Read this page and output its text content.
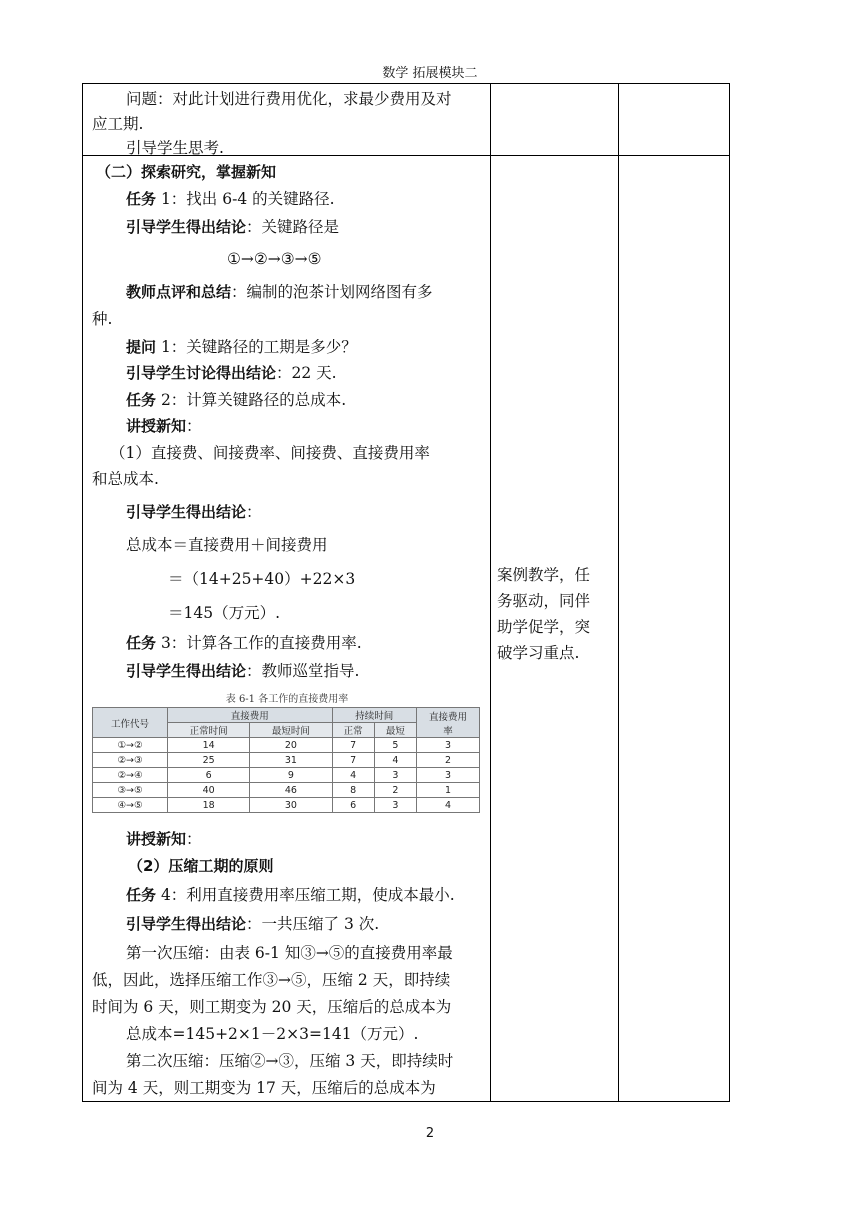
数学 拓展模块二
问题：对此计划进行费用优化，求最少费用及对
应工期.
引导学生思考.
（二）探索研究，掌握新知
任务 1：找出 6-4 的关键路径.
引导学生得出结论：关键路径是
①→②→③→⑤
教师点评和总结：编制的泡茶计划网络图有多
种.
提问 1：关键路径的工期是多少？
引导学生讨论得出结论：22 天.
任务 2：计算关键路径的总成本.
讲授新知：
（1）直接费、间接费率、间接费、直接费用率
和总成本.
引导学生得出结论：
总成本＝直接费用＋间接费用
＝（14+25+40）+22×3
＝145（万元）.
任务 3：计算各工作的直接费用率.
引导学生得出结论：教师巡堂指导.
表 6-1 各工作的直接费用率
工作代号	直接费用		持续时间		直接费用
率
	正常时间	最短时间	正常	最短	
①→②	14	20	7	5	3
②→③	25	31	7	4	2
②→④	6	9	4	3	3
③→⑤	40	46	8	2	1
④→⑤	18	30	6	3	4
讲授新知：
（2）压缩工期的原则
任务 4：利用直接费用率压缩工期，使成本最小.
引导学生得出结论：一共压缩了 3 次.
第一次压缩：由表 6-1 知③→⑤的直接费用率最
低，因此，选择压缩工作③→⑤，压缩 2 天，即持续
时间为 6 天，则工期变为 20 天，压缩后的总成本为
总成本=145+2×1－2×3=141（万元）.
第二次压缩：压缩②→③，压缩 3 天，即持续时
间为 4 天，则工期变为 17 天，压缩后的总成本为
案例教学，任
务驱动，同伴
助学促学，突
破学习重点.
2
